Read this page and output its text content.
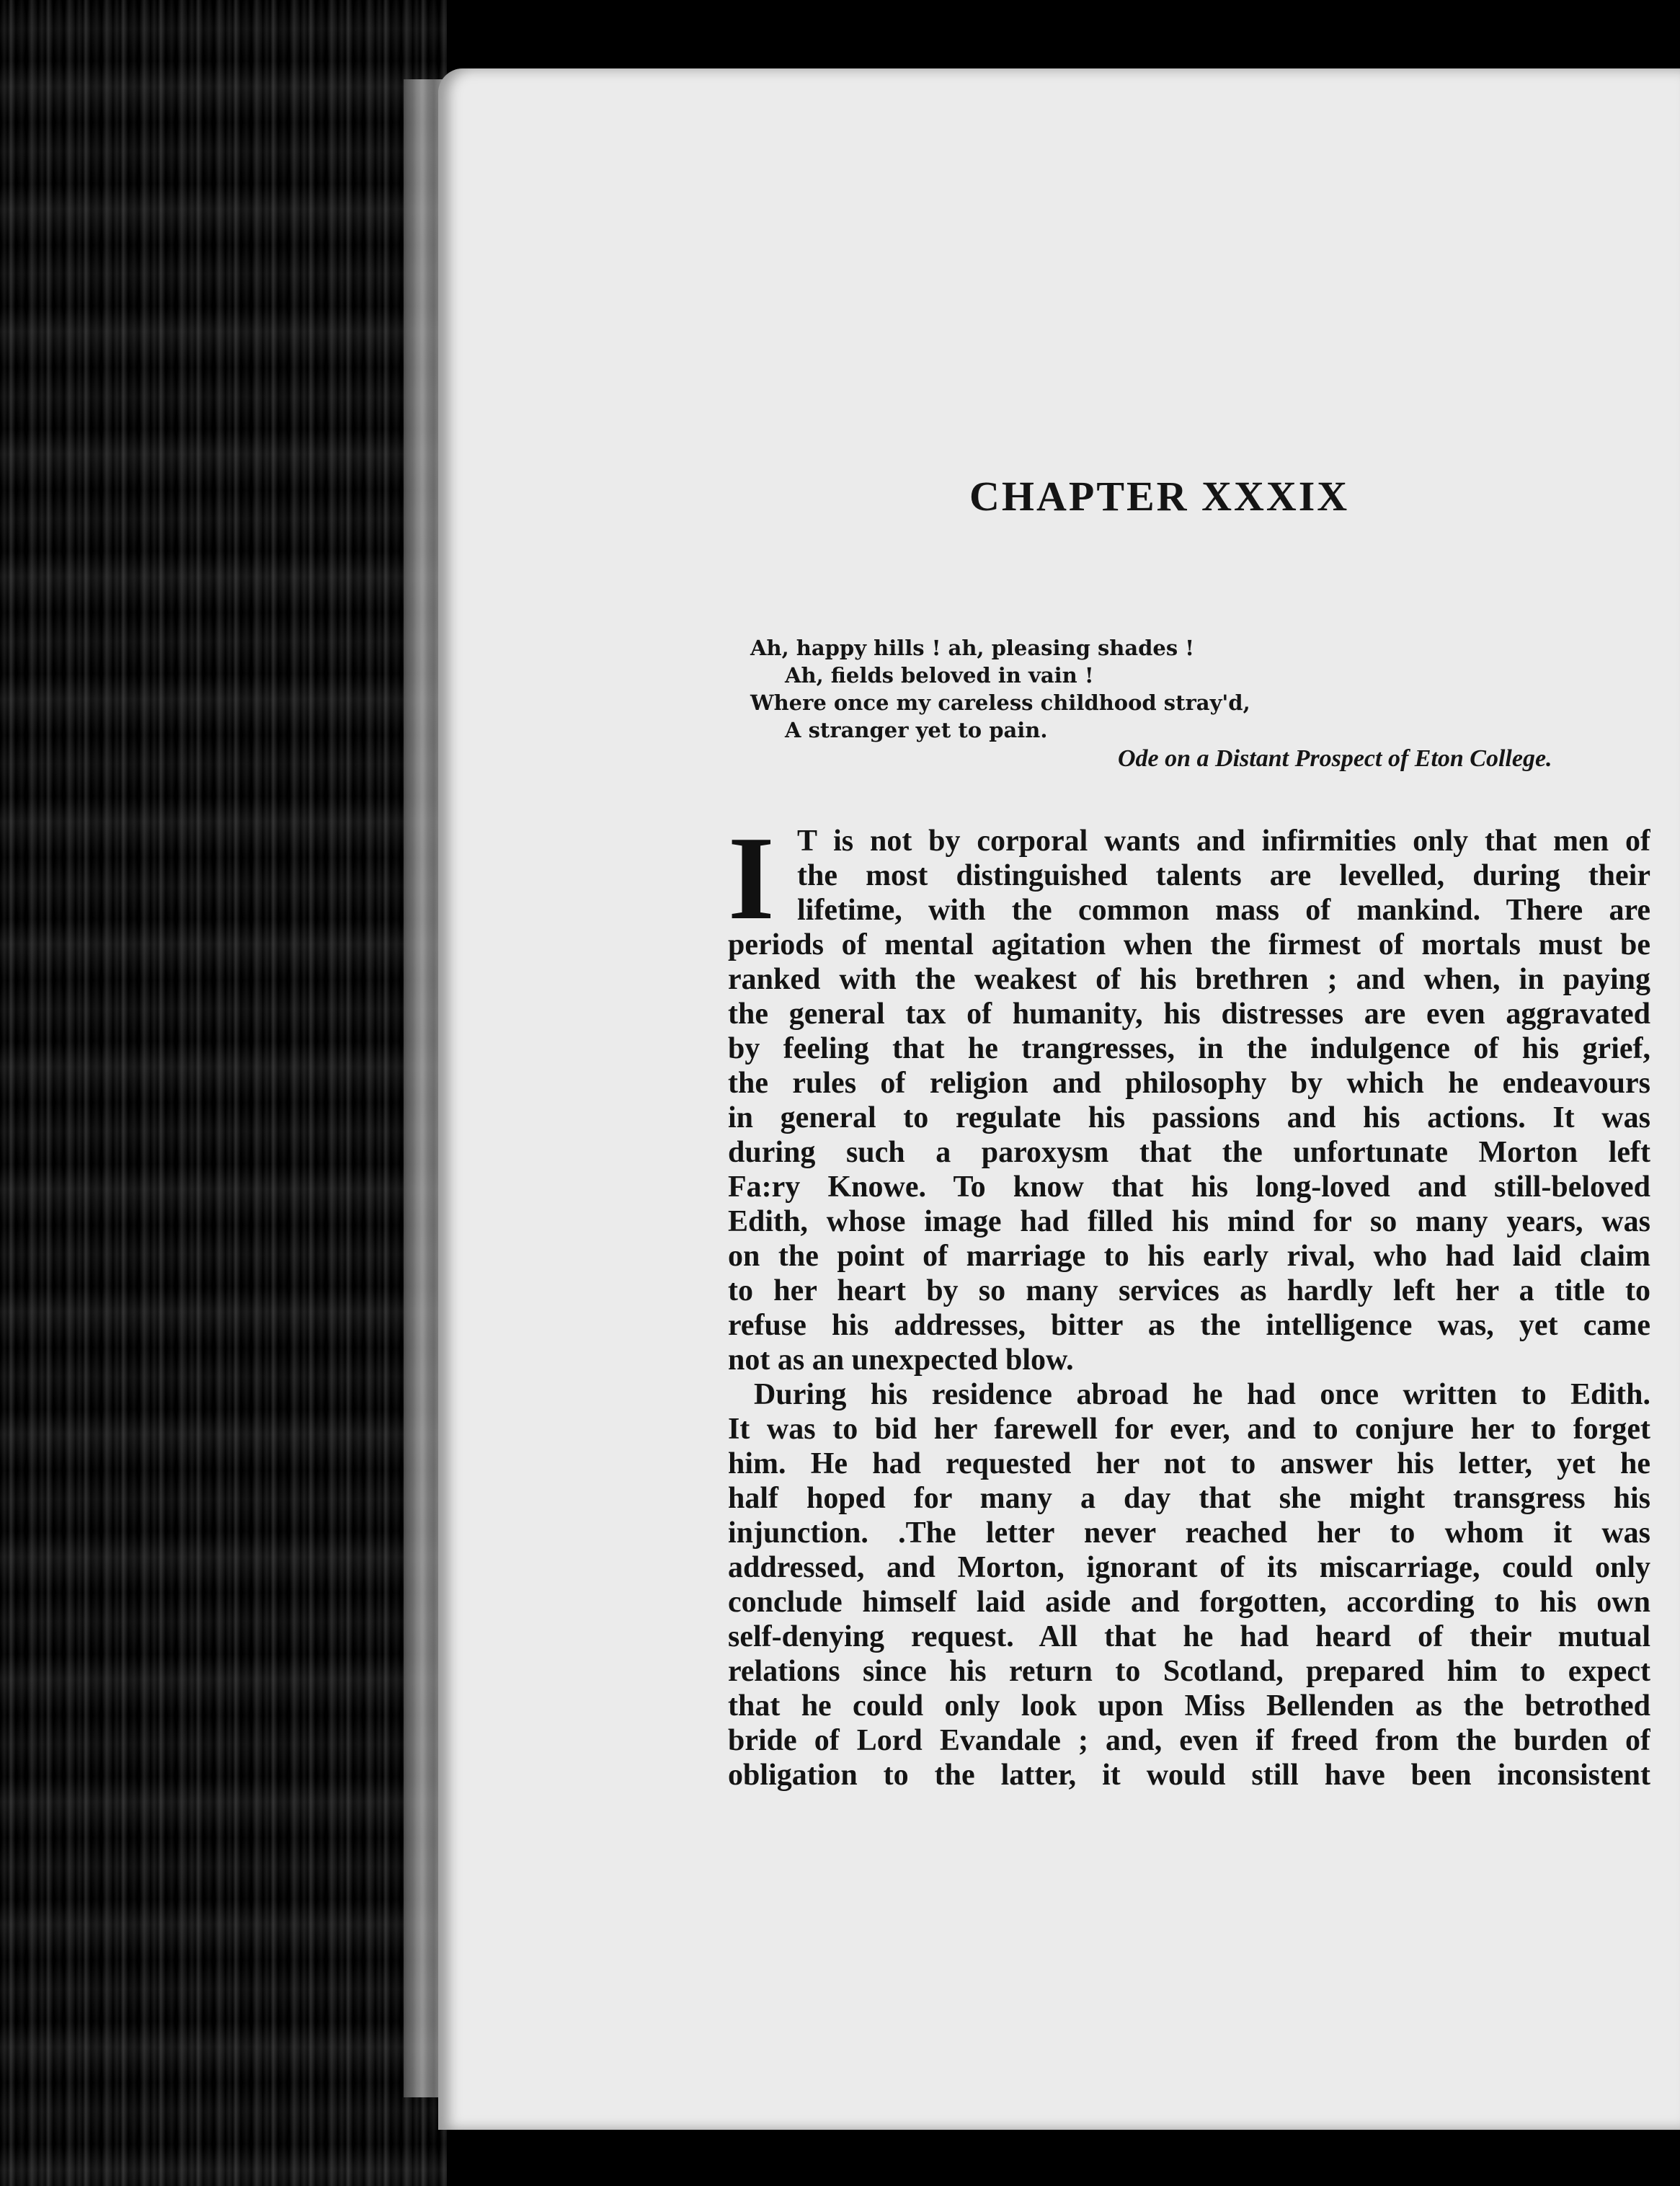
CHAPTER XXXIX
Ah, happy hills ! ah, pleasing shades !
Ah, fields beloved in vain !
Where once my careless childhood stray'd,
A stranger yet to pain.
Ode on a Distant Prospect of Eton College.
I T is not by corporal wants and infirmities only that men of
the most distinguished talents are levelled, during their
lifetime, with the common mass of mankind. There are
periods of mental agitation when the firmest of mortals must be
ranked with the weakest of his brethren ; and when, in paying
the general tax of humanity, his distresses are even aggravated
by feeling that he trangresses, in the indulgence of his grief,
the rules of religion and philosophy by which he endeavours
in general to regulate his passions and his actions. It was
during such a paroxysm that the unfortunate Morton left
Fa:ry Knowe. To know that his long-loved and still-beloved
Edith, whose image had filled his mind for so many years, was
on the point of marriage to his early rival, who had laid claim
to her heart by so many services as hardly left her a title to
refuse his addresses, bitter as the intelligence was, yet came
not as an unexpected blow.
During his residence abroad he had once written to Edith.
It was to bid her farewell for ever, and to conjure her to forget
him. He had requested her not to answer his letter, yet he
half hoped for many a day that she might transgress his
injunction. .The letter never reached her to whom it was
addressed, and Morton, ignorant of its miscarriage, could only
conclude himself laid aside and forgotten, according to his own
self-denying request. All that he had heard of their mutual
relations since his return to Scotland, prepared him to expect
that he could only look upon Miss Bellenden as the betrothed
bride of Lord Evandale ; and, even if freed from the burden of
obligation to the latter, it would still have been inconsistent
